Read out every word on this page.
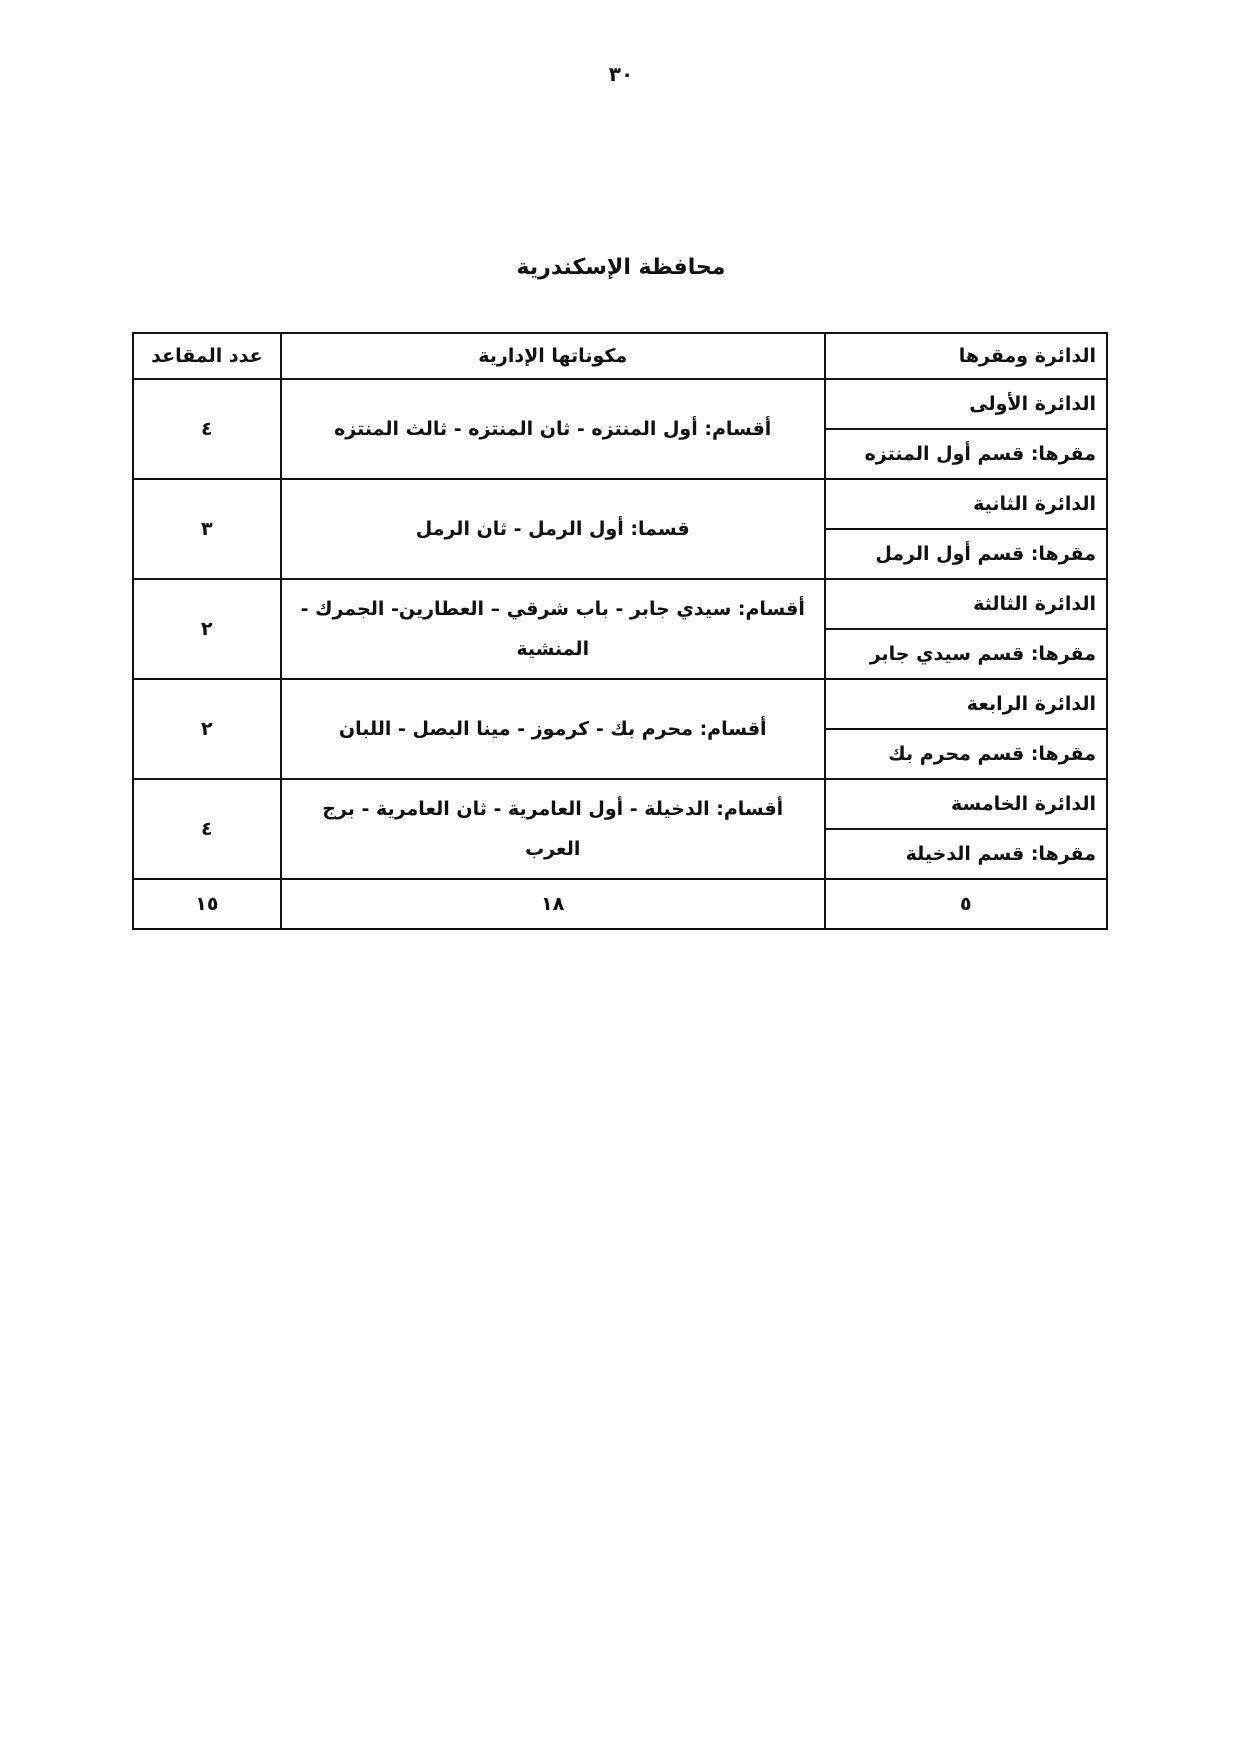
٣٠
محافظة الإسكندرية
الدائرة ومقرها	مكوناتها الإدارية	عدد المقاعد
الدائرة الأولى	أقسام: أول المنتزه - ثان المنتزه - ثالث المنتزه	٤
مقرها: قسم أول المنتزه		
الدائرة الثانية	قسما: أول الرمل - ثان الرمل	٣
مقرها: قسم أول الرمل		
الدائرة الثالثة	أقسام: سيدي جابر - باب شرقي – العطارين- الجمرك - المنشية	٢
مقرها: قسم سيدي جابر		
الدائرة الرابعة	أقسام: محرم بك - كرموز - مينا البصل - اللبان	٢
مقرها: قسم محرم بك		
الدائرة الخامسة	أقسام: الدخيلة - أول العامرية - ثان العامرية - برج العرب	٤
مقرها: قسم الدخيلة		
٥	١٨	١٥
